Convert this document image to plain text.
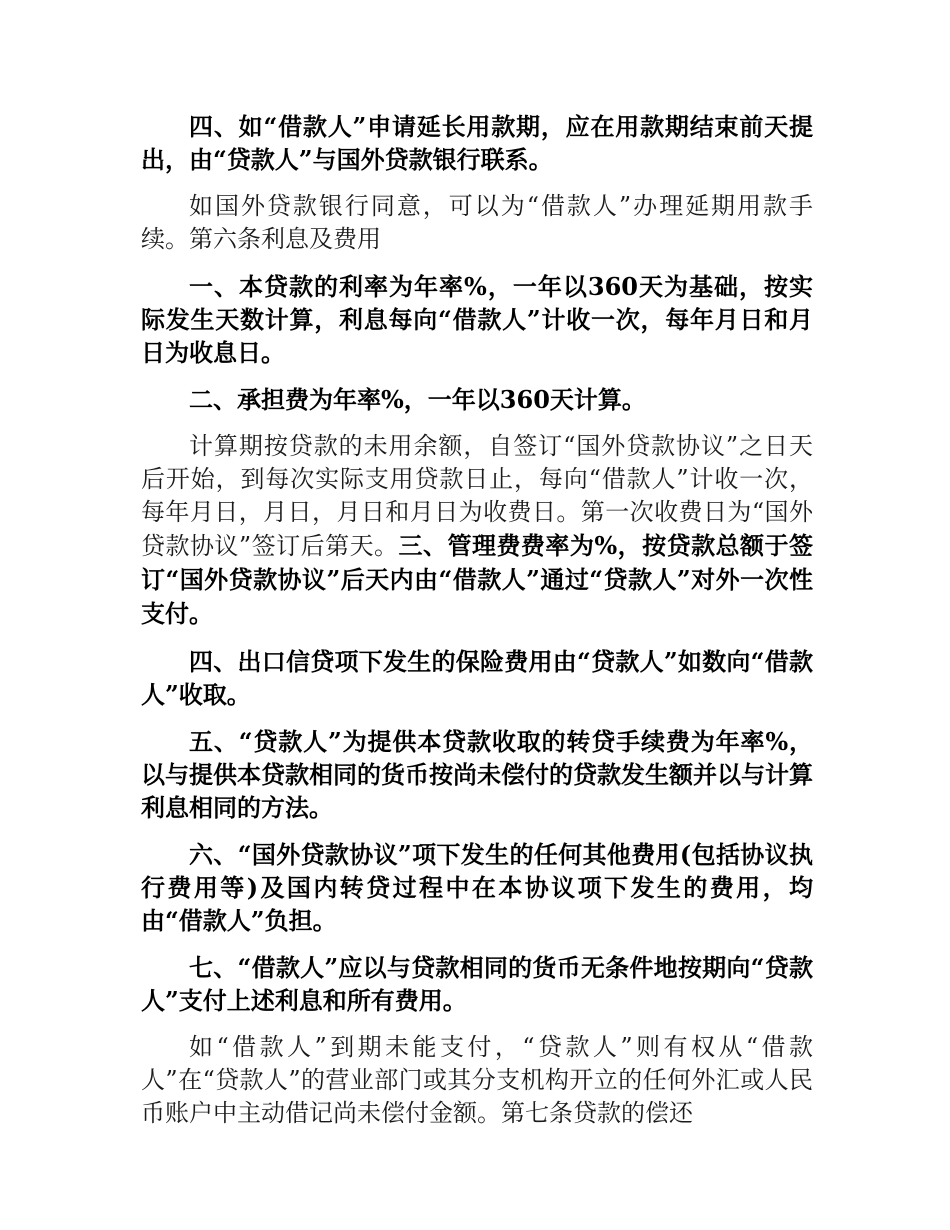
四、如“借款人”申请延长用款期，应在用款期结束前天提出，由“贷款人”与国外贷款银行联系。

如国外贷款银行同意，可以为“借款人”办理延期用款手续。第六条利息及费用

一、本贷款的利率为年率%，一年以360天为基础，按实际发生天数计算，利息每向“借款人”计收一次，每年月日和月日为收息日。

二、承担费为年率%，一年以360天计算。

计算期按贷款的未用余额，自签订“国外贷款协议”之日天后开始，到每次实际支用贷款日止，每向“借款人”计收一次，每年月日，月日，月日和月日为收费日。第一次收费日为“国外贷款协议”签订后第天。三、管理费费率为%，按贷款总额于签订“国外贷款协议”后天内由“借款人”通过“贷款人”对外一次性支付。

四、出口信贷项下发生的保险费用由“贷款人”如数向“借款人”收取。

五、“贷款人”为提供本贷款收取的转贷手续费为年率%，以与提供本贷款相同的货币按尚未偿付的贷款发生额并以与计算利息相同的方法。

六、“国外贷款协议”项下发生的任何其他费用(包括协议执行费用等)及国内转贷过程中在本协议项下发生的费用，均由“借款人”负担。

七、“借款人”应以与贷款相同的货币无条件地按期向“贷款人”支付上述利息和所有费用。

如“借款人”到期未能支付，“贷款人”则有权从“借款人”在“贷款人”的营业部门或其分支机构开立的任何外汇或人民币账户中主动借记尚未偿付金额。第七条贷款的偿还
